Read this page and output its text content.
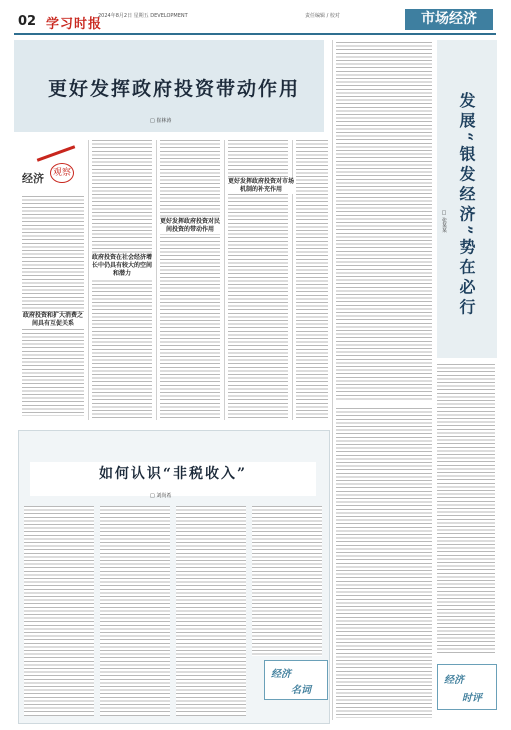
02 学习时报
2024年8月2日 星期五 DEVELOPMENT	责任编辑 / 校对	市场经济
更好发挥政府投资带动作用
□ 崔林涛
经济 观察
政府投资和扩大消费之间具有互促关系
政府投资在社会经济增长中仍具有较大的空间和潜力
更好发挥政府投资对民间投资的带动作用
更好发挥政府投资对市场机制的补充作用	发展“银发经济”势在必行
□ 张某某
如何认识“非税收入”
□ 刘尚希
经济
名词
经济
时评
